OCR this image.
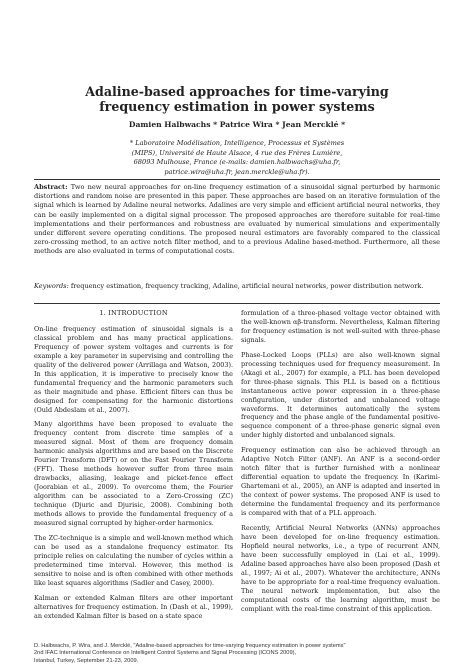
Adaline-based approaches for time-varying
frequency estimation in power systems
Damien Halbwachs * Patrice Wira * Jean Mercklé *
* Laboratoire Modélisation, Intelligence, Processus et Systèmes
(MIPS), Université de Haute Alsace, 4 rue des Frères Lumière,
68093 Mulhouse, France (e-mails: damien.halbwachs@uha.fr,
patrice.wira@uha.fr, jean.merckle@uha.fr).
Abstract: Two new neural approaches for on-line frequency estimation of a sinusoidal signal perturbed by harmonic distortions and random noise are presented in this paper. These approaches are based on an iterative formulation of the signal which is learned by Adaline neural networks. Adalines are very simple and efficient artificial neural networks, they can be easily implemented on a digital signal processor. The proposed approaches are therefore suitable for real-time implementations and their performances and robustness are evaluated by numerical simulations and experimentally under different severe operating conditions. The proposed neural estimators are favorably compared to the classical zero-crossing method, to an active notch filter method, and to a previous Adaline based-method. Furthermore, all these methods are also evaluated in terms of computational costs.
Keywords: frequency estimation, frequency tracking, Adaline, artificial neural networks, power distribution network.
1. INTRODUCTION

On-line frequency estimation of sinusoidal signals is a classical problem and has many practical applications. Frequency of power system voltages and currents is for example a key parameter in supervising and controlling the quality of the delivered power (Arrillaga and Watson, 2003). In this application, it is imperative to precisely know the fundamental frequency and the harmonic parameters such as their magnitude and phase. Efficient filters can thus be designed for compensating for the harmonic distortions (Ould Abdeslam et al., 2007).

Many algorithms have been proposed to evaluate the frequency content from discrete time samples of a measured signal. Most of them are frequency domain harmonic analysis algorithms and are based on the Discrete Fourier Transform (DFT) or on the Fast Fourier Transform (FFT). These methods however suffer from three main drawbacks, aliasing, leakage and picket-fence effect (Joorabian et al., 2009). To overcome them, the Fourier algorithm can be associated to a Zero-Crossing (ZC) technique (Djuric and Djurisic, 2008). Combining both methods allows to provide the fundamental frequency of a measured signal corrupted by higher-order harmonics.

The ZC-technique is a simple and well-known method which can be used as a standalone frequency estimator. Its principle relies on calculating the number of cycles within a predetermined time interval. However, this method is sensitive to noise and is often combined with other methods like least squares algorithms (Sadler and Casey, 2000).

Kalman or extended Kalman filters are other important alternatives for frequency estimation. In (Dash et al., 1999), an extended Kalman filter is based on a state space

formulation of a three-phased voltage vector obtained with the well-known αβ-transform. Nevertheless, Kalman filtering for frequency estimation is not well-suited with three-phase signals.

Phase-Locked Loops (PLLs) are also well-known signal processing techniques used for frequency measurement. In (Akagi et al., 2007) for example, a PLL has been developed for three-phase signals. This PLL is based on a fictitious instantaneous active power expression in a three-phase configuration, under distorted and unbalanced voltage waveforms. It determines automatically the system frequency and the phase angle of the fundamental positive-sequence component of a three-phase generic signal even under highly distorted and unbalanced signals.

Frequency estimation can also be achieved through an Adaptive Notch Filter (ANF). An ANF is a second-order notch filter that is further furnished with a nonlinear differential equation to update the frequency. In (Karimi-Ghartemani et al., 2005), an ANF is adapted and inserted in the context of power systems. The proposed ANF is used to determine the fundamental frequency and its performance is compared with that of a PLL approach.

Recently, Artificial Neural Networks (ANNs) approaches have been developed for on-line frequency estimation. Hopfield neural networks, i.e., a type of recurrent ANN, have been successfully employed in (Lai et al., 1999). Adaline based approaches have also been proposed (Dash et al., 1997; Ai et al., 2007). Whatever the architecture, ANNs have to be appropriate for a real-time frequency evaluation. The neural network implementation, but also the computational costs of the learning algorithm, must be compliant with the real-time constraint of this application.

D. Halbwachs, P. Wira, and J. Mercklé, "Adaline-based approaches for time-varying frequency estimation in power systems"
2nd IFAC International Conference on Intelligent Control Systems and Signal Processing (ICONS 2009),
Istanbul, Turkey, September 21-23, 2009.
